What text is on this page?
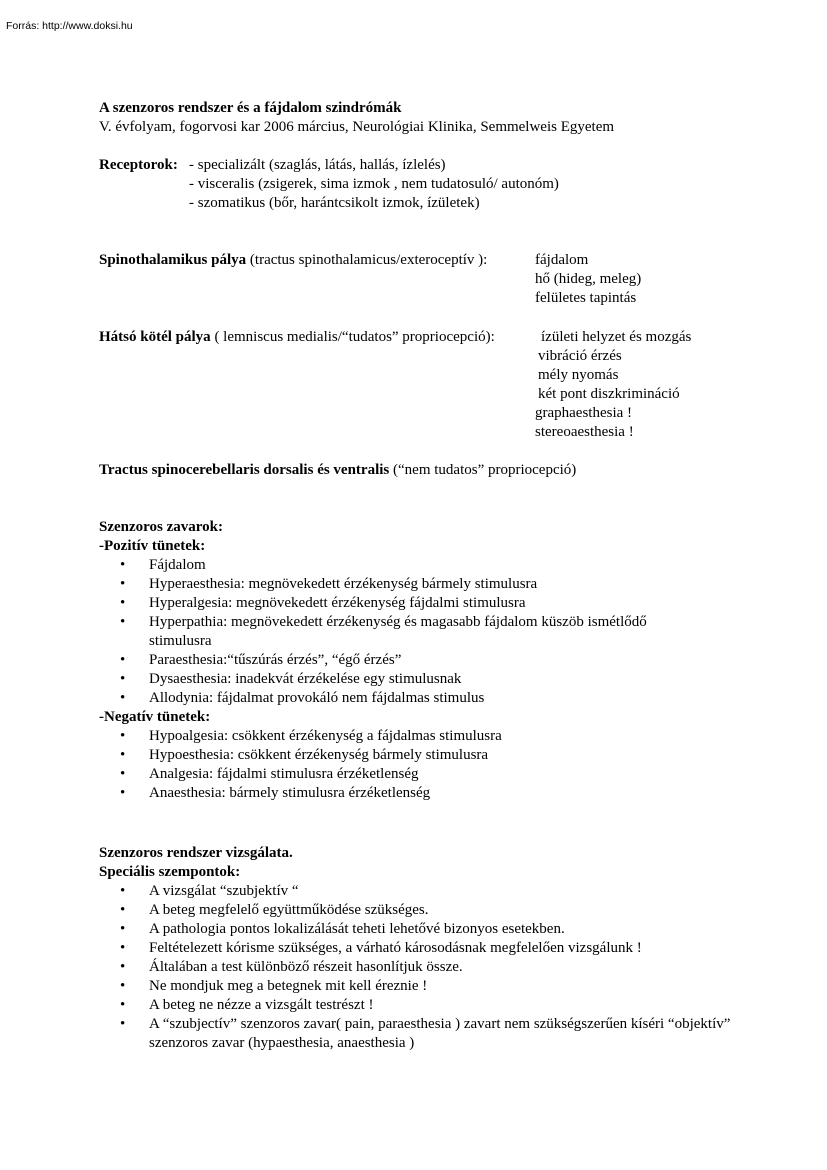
Forrás: http://www.doksi.hu
A szenzoros rendszer és a fájdalom szindrómák
V. évfolyam, fogorvosi kar 2006 március, Neurológiai Klinika, Semmelweis Egyetem
Receptorok: - specializált (szaglás, látás, hallás, ízlelés)
- visceralis (zsigerek, sima izmok , nem tudatosuló/ autonóm)
- szomatikus (bőr, harántcsikolt izmok, ízületek)
Spinothalamikus pálya (tractus spinothalamicus/exteroceptív ):	fájdalom
hő (hideg, meleg)
felületes tapintás
Hátsó kötél pálya ( lemniscus medialis/“tudatos” propriocepció):	ízületi helyzet és mozgás
vibráció érzés
mély nyomás
két pont diszkrimináció
graphaesthesia !
stereoaesthesia !
Tractus spinocerebellaris dorsalis és ventralis (“nem tudatos” propriocepció)
Szenzoros zavarok:
-Pozitív tünetek:
• Fájdalom
• Hyperaesthesia: megnövekedett érzékenység bármely stimulusra
• Hyperalgesia: megnövekedett érzékenység fájdalmi stimulusra
• Hyperpathia: megnövekedett érzékenység és magasabb fájdalom küszöb ismétlődő stimulusra
• Paraesthesia:“tűszúrás érzés”, “égő érzés”
• Dysaesthesia: inadekvát érzékelése egy stimulusnak
• Allodynia: fájdalmat provokáló nem fájdalmas stimulus
-Negatív tünetek:
• Hypoalgesia: csökkent érzékenység a fájdalmas stimulusra
• Hypoesthesia: csökkent érzékenység bármely stimulusra
• Analgesia: fájdalmi stimulusra érzéketlenség
• Anaesthesia: bármely stimulusra érzéketlenség
Szenzoros rendszer vizsgálata.
Speciális szempontok:
• A vizsgálat “szubjektív “
• A beteg megfelelő együttműködése szükséges.
• A pathologia pontos lokalizálását teheti lehetővé bizonyos esetekben.
• Feltételezett kórisme szükséges, a várható károsodásnak megfelelően vizsgálunk !
• Általában a test különböző részeit hasonlítjuk össze.
• Ne mondjuk meg a betegnek mit kell éreznie !
• A beteg ne nézze a vizsgált testrészt !
• A “szubjectív” szenzoros zavar( pain, paraesthesia ) zavart nem szükségszerűen kíséri “objektív” szenzoros zavar (hypaesthesia, anaesthesia )
